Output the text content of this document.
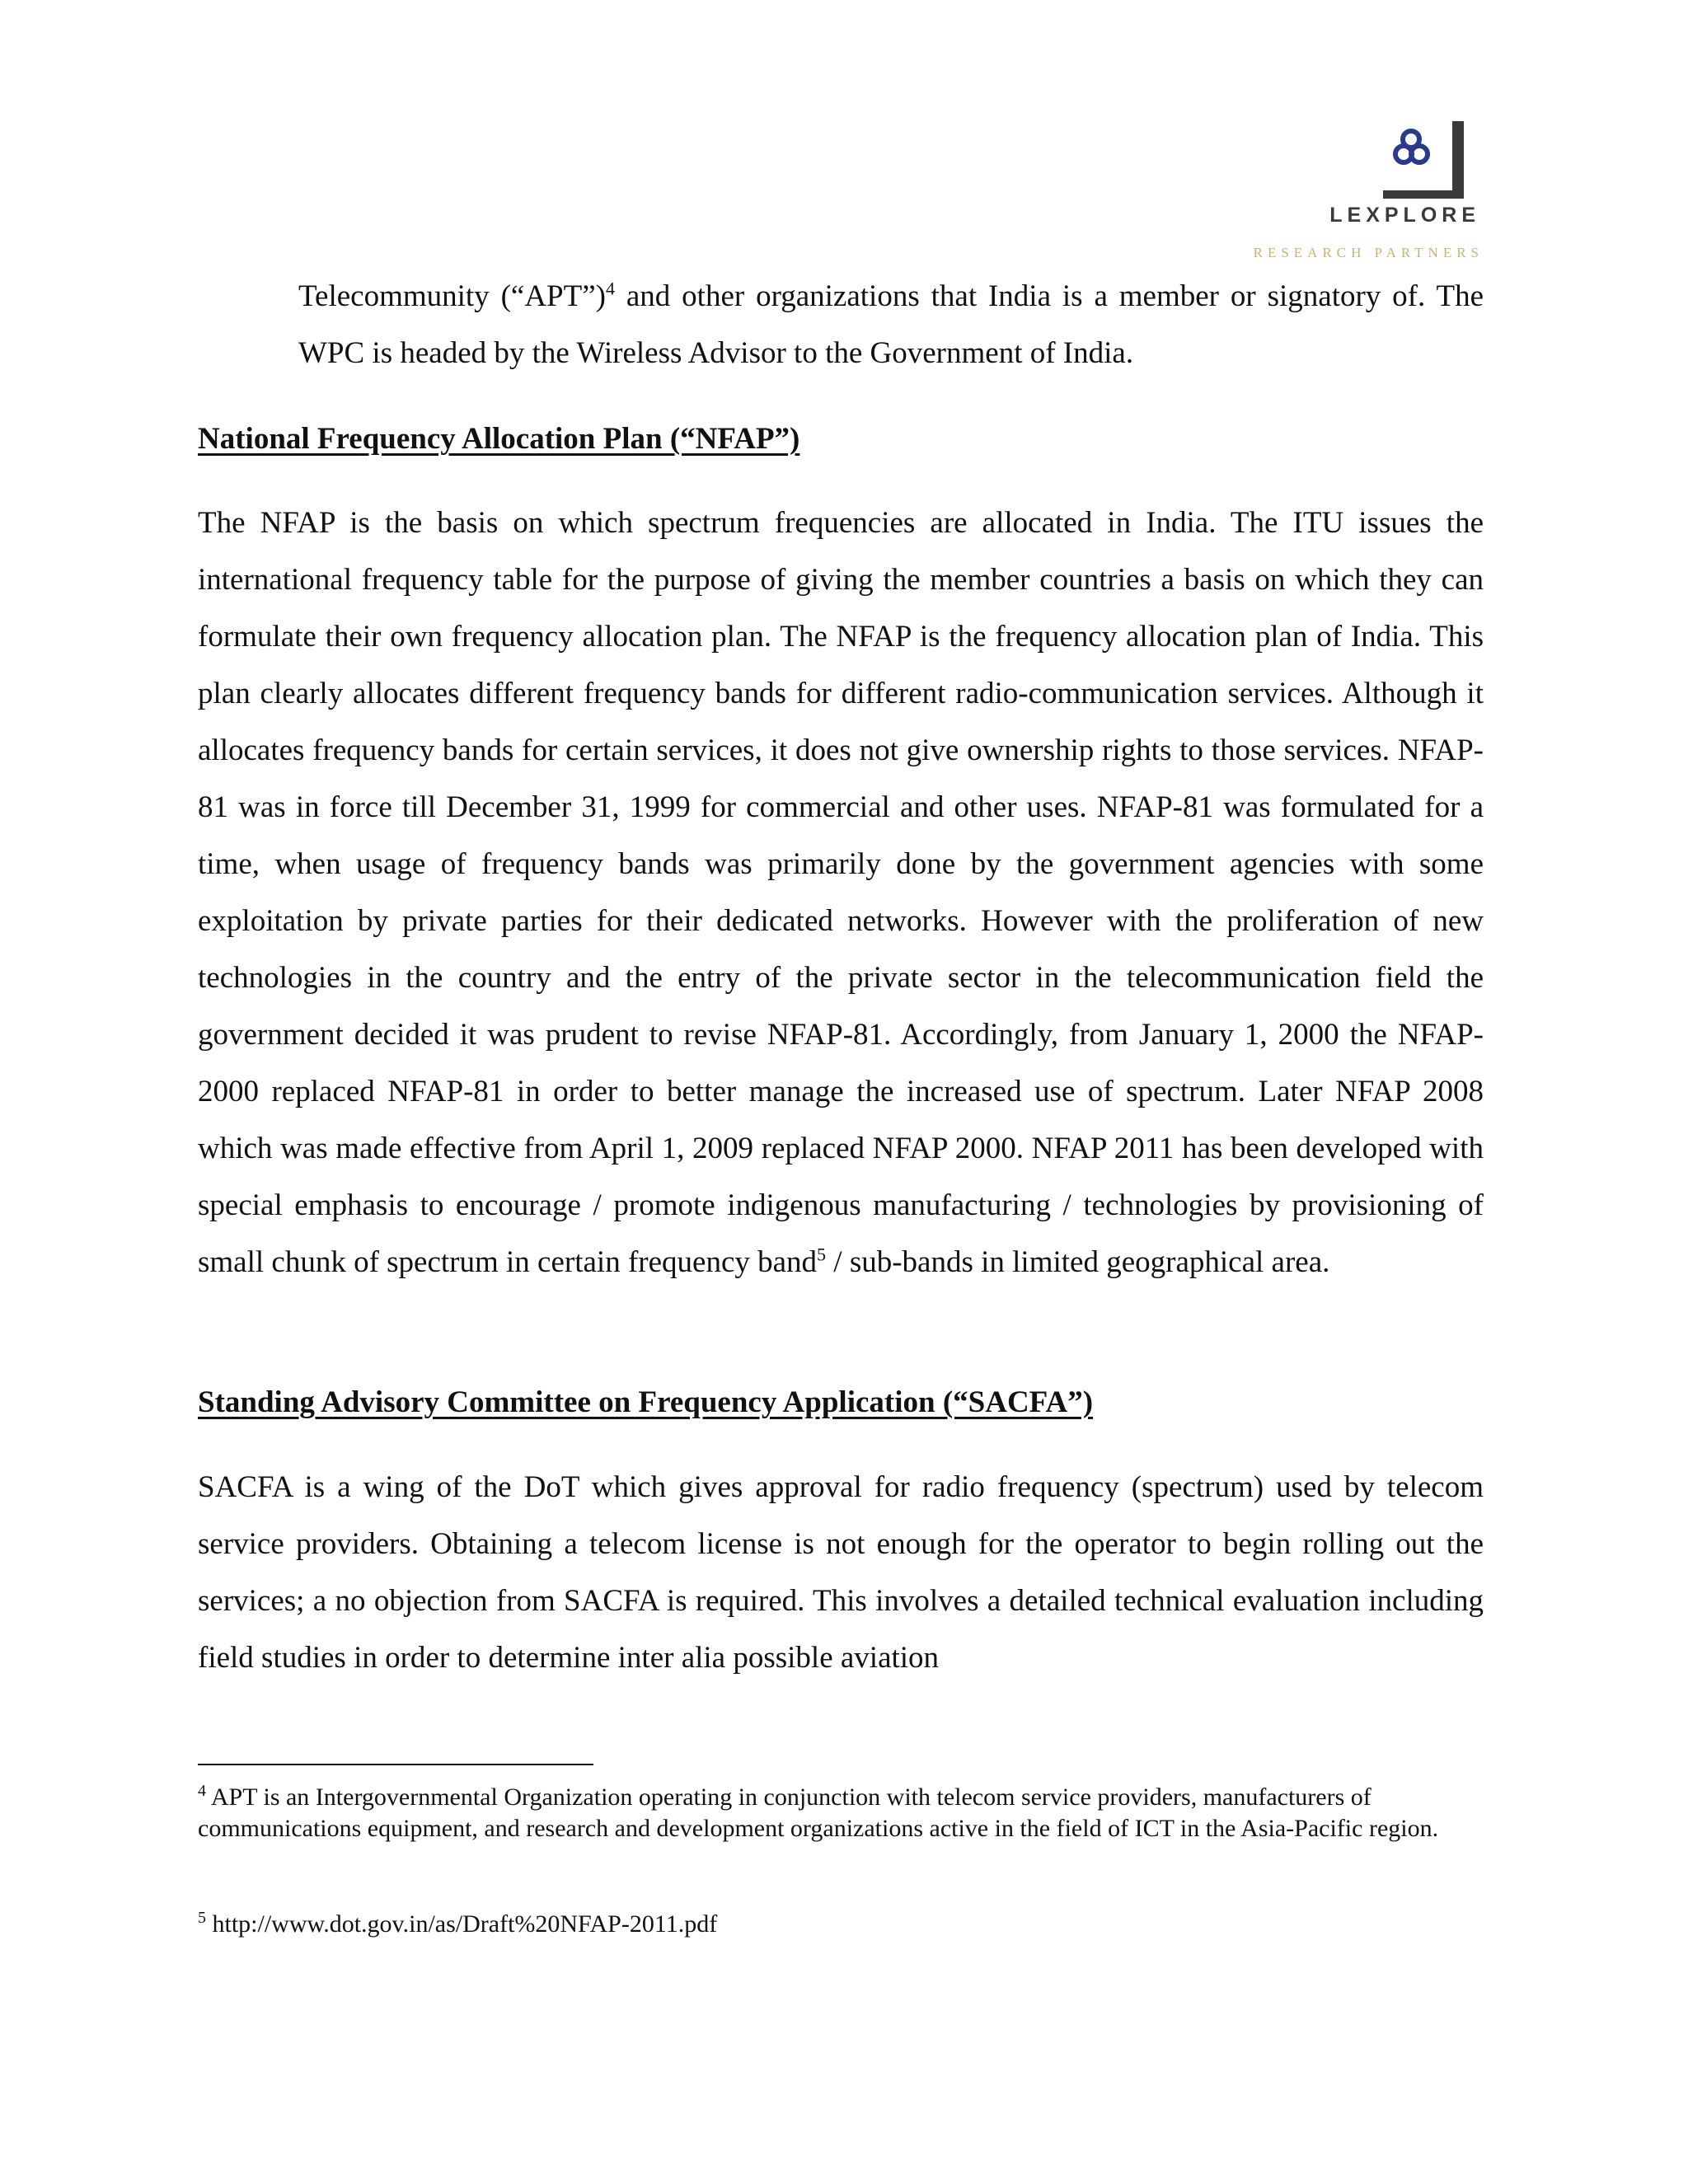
LEXPLORE
RESEARCH PARTNERS

Telecommunity (“APT”)$^4$ and other organizations that India is a member or signatory of. The WPC is headed by the Wireless Advisor to the Government of India.

National Frequency Allocation Plan (“NFAP”)

The NFAP is the basis on which spectrum frequencies are allocated in India. The ITU issues the international frequency table for the purpose of giving the member countries a basis on which they can formulate their own frequency allocation plan. The NFAP is the frequency allocation plan of India. This plan clearly allocates different frequency bands for different radio-communication services. Although it allocates frequency bands for certain services, it does not give ownership rights to those services. NFAP-81 was in force till December 31, 1999 for commercial and other uses. NFAP-81 was formulated for a time, when usage of frequency bands was primarily done by the government agencies with some exploitation by private parties for their dedicated networks. However with the proliferation of new technologies in the country and the entry of the private sector in the telecommunication field the government decided it was prudent to revise NFAP-81. Accordingly, from January 1, 2000 the NFAP-2000 replaced NFAP-81 in order to better manage the increased use of spectrum. Later NFAP 2008 which was made effective from April 1, 2009 replaced NFAP 2000. NFAP 2011 has been developed with special emphasis to encourage / promote indigenous manufacturing / technologies by provisioning of small chunk of spectrum in certain frequency band$^5$ / sub-bands in limited geographical area.

Standing Advisory Committee on Frequency Application (“SACFA”)

SACFA is a wing of the DoT which gives approval for radio frequency (spectrum) used by telecom service providers. Obtaining a telecom license is not enough for the operator to begin rolling out the services; a no objection from SACFA is required. This involves a detailed technical evaluation including field studies in order to determine inter alia possible aviation

$^4$ APT is an Intergovernmental Organization operating in conjunction with telecom service providers, manufacturers of communications equipment, and research and development organizations active in the field of ICT in the Asia-Pacific region.
$^5$ http://www.dot.gov.in/as/Draft%20NFAP-2011.pdf
